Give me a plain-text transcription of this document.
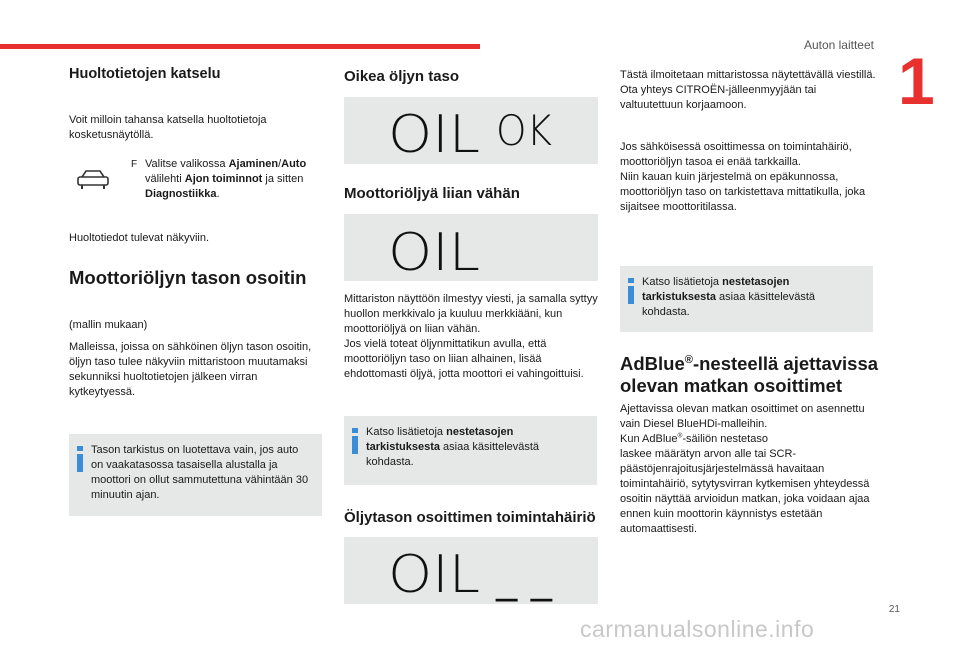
Auton laitteet 1
Huoltotietojen katselu

Voit milloin tahansa katsella huoltotietoja kosketusnäytöllä.

F Valitse valikossa Ajaminen/Auto välilehti Ajon toiminnot ja sitten Diagnostiikka.

Huoltotiedot tulevat näkyviin.

Moottoriöljyn tason osoitin

(mallin mukaan)

Malleissa, joissa on sähköinen öljyn tason osoitin, öljyn taso tulee näkyviin mittaristoon muutamaksi sekunniksi huoltotietojen jälkeen virran kytkeytyessä.

Tason tarkistus on luotettava vain, jos auto on vaakatasossa tasaisella alustalla ja moottori on ollut sammutettuna vähintään 30 minuutin ajan.

Oikea öljyn taso
OIL OK
Moottoriöljyä liian vähän
OIL

Mittariston näyttöön ilmestyy viesti, ja samalla syttyy huollon merkkivalo ja kuuluu merkkiääni, kun moottoriöljyä on liian vähän.
Jos vielä toteat öljynmittatikun avulla, että moottoriöljyn taso on liian alhainen, lisää ehdottomasti öljyä, jotta moottori ei vahingoittuisi.

Katso lisätietoja nestetasojen tarkistuksesta asiaa käsittelevästä kohdasta.

Öljytason osoittimen toimintahäiriö
OIL _ _

Tästä ilmoitetaan mittaristossa näytettävällä viestillä.
Ota yhteys CITROËN-jälleenmyyjään tai valtuutettuun korjaamoon.

Jos sähköisessä osoittimessa on toimintahäiriö, moottoriöljyn tasoa ei enää tarkkailla.
Niin kauan kuin järjestelmä on epäkunnossa, moottoriöljyn taso on tarkistettava mittatikulla, joka sijaitsee moottoritilassa.

Katso lisätietoja nestetasojen tarkistuksesta asiaa käsittelevästä kohdasta.

AdBlue®-nesteellä ajettavissa
olevan matkan osoittimet

Ajettavissa olevan matkan osoittimet on asennettu vain Diesel BlueHDi-malleihin.
Kun AdBlue®-säiliön nestetaso
laskee määrätyn arvon alle tai SCR-päästöjenrajoitusjärjestelmässä havaitaan toimintahäiriö, sytytysvirran kytkemisen yhteydessä osoitin näyttää arvioidun matkan, joka voidaan ajaa ennen kuin moottorin käynnistys estetään automaattisesti.

21
carmanualsonline.info
